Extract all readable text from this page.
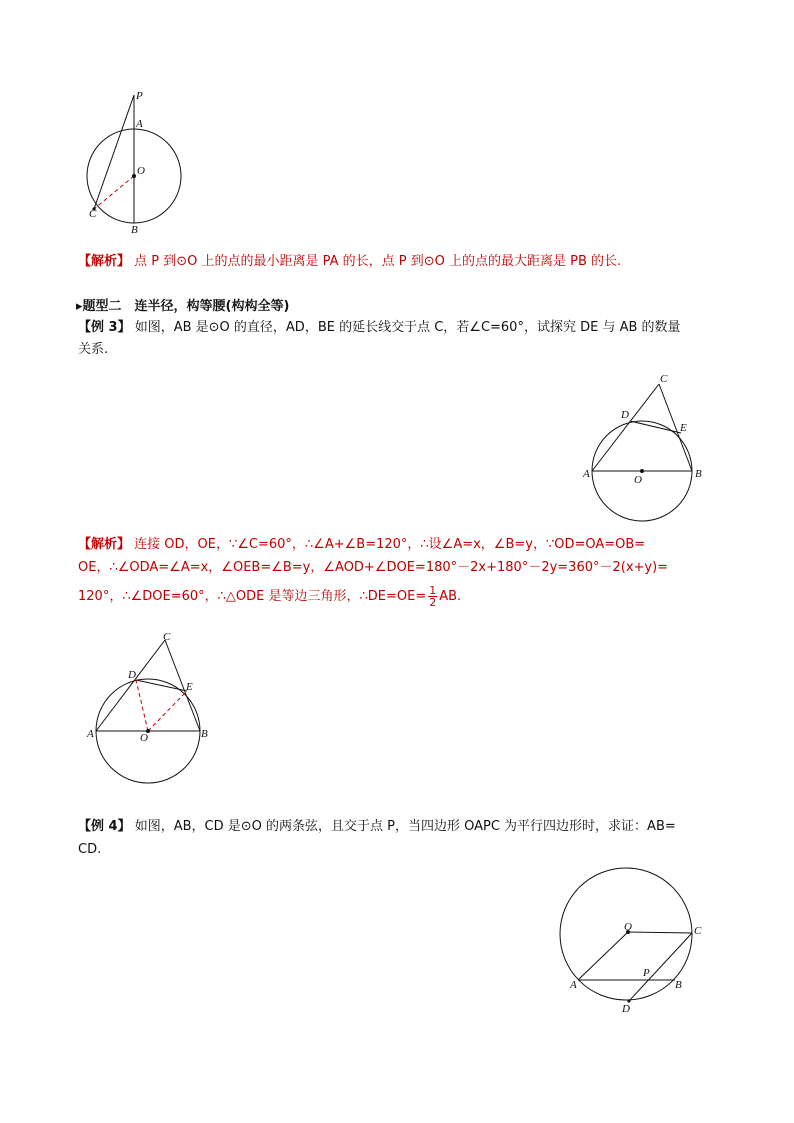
P
A
O
C
B
【解析】 点 P 到⊙O 上的点的最小距离是 PA 的长，点 P 到⊙O 上的点的最大距离是 PB 的长.
▸题型二　连半径，构等腰(构构全等)
【例 3】 如图，AB 是⊙O 的直径，AD，BE 的延长线交于点 C，若∠C=60°，试探究 DE 与 AB 的数量
关系.
C
D
E
A	O	B
【解析】 连接 OD，OE，∵∠C=60°，∴∠A+∠B=120°，∴设∠A=x，∠B=y，∵OD=OA=OB=
OE，∴∠ODA=∠A=x，∠OEB=∠B=y，∠AOD+∠DOE=180°－2x+180°－2y=360°－2(x+y)=
120°，∴∠DOE=60°，∴△ODE 是等边三角形，∴DE=OE= $\frac{1}{2}$ AB.
C
D
E
A	O	B
【例 4】 如图，AB，CD 是⊙O 的两条弦，且交于点 P，当四边形 OAPC 为平行四边形时，求证：AB=
CD.
O	C
P
A	B
D
